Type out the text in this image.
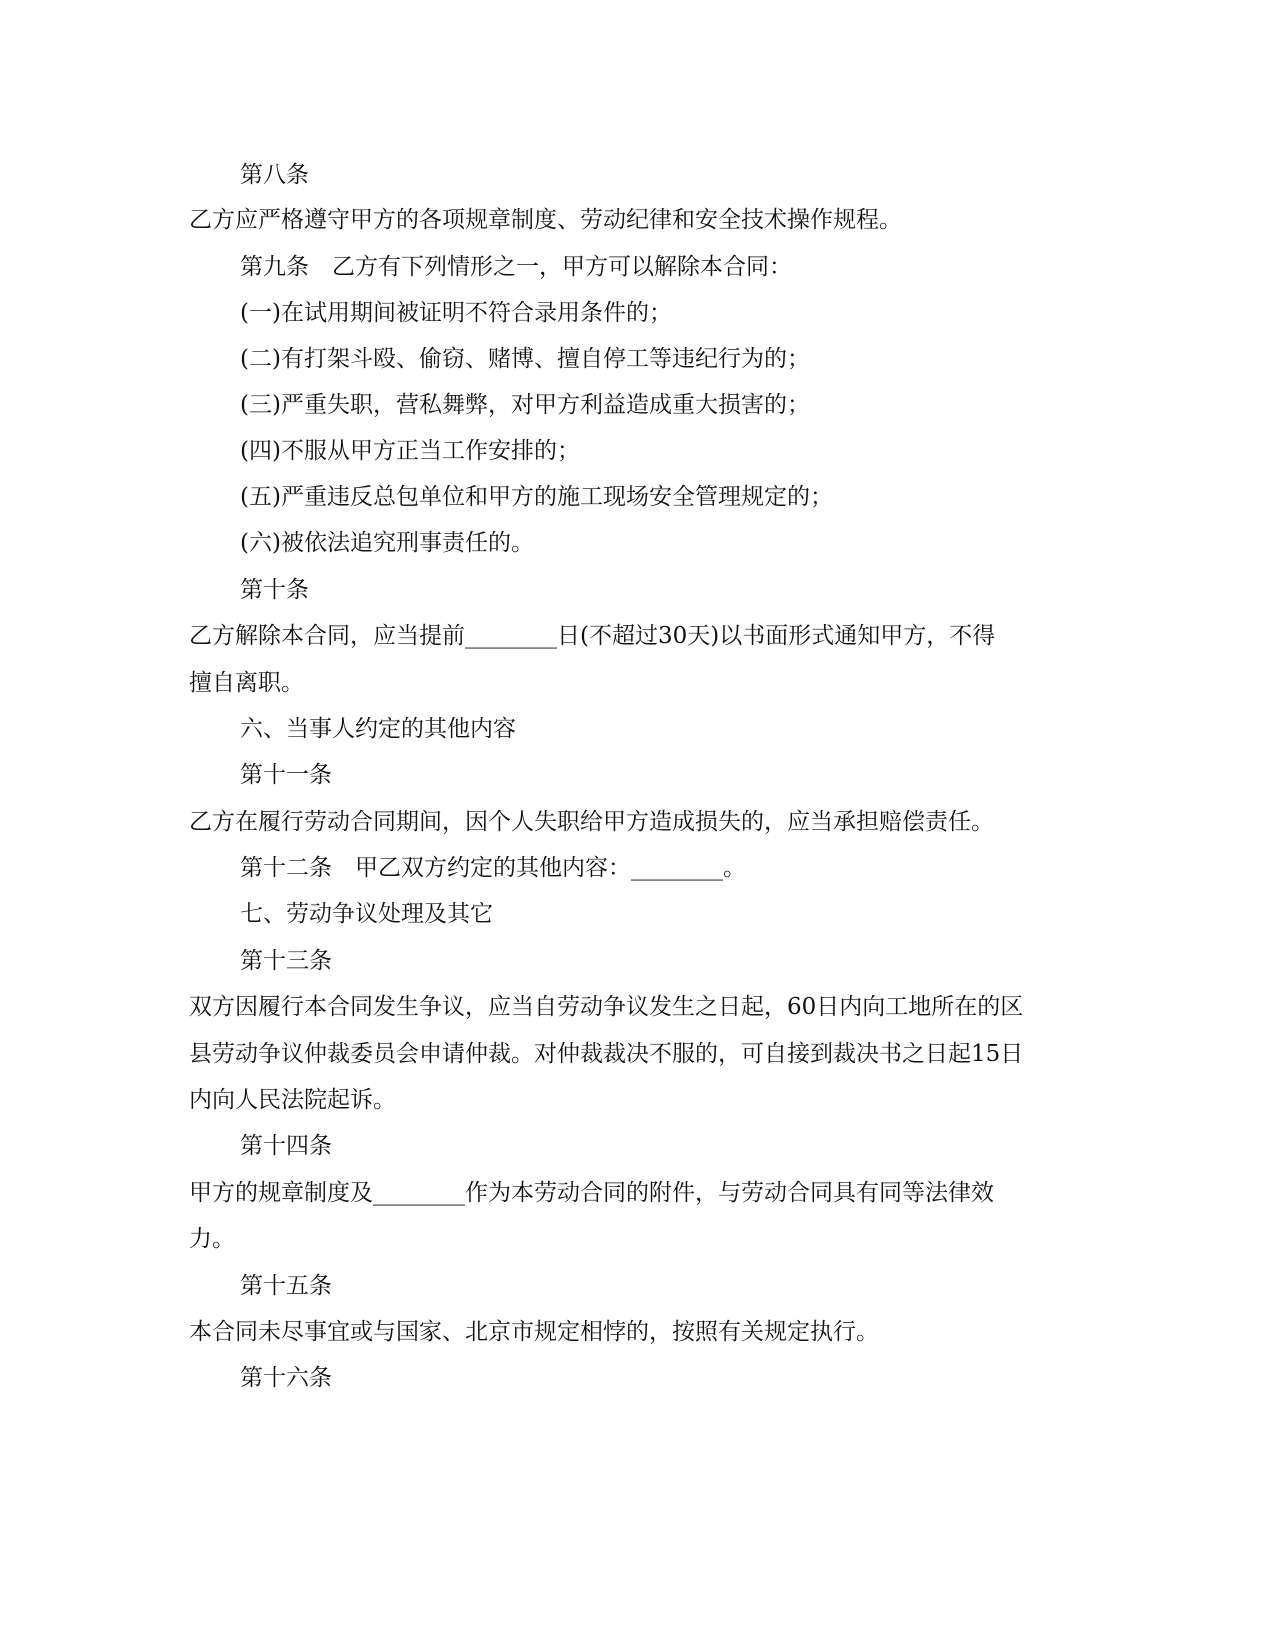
第八条
乙方应严格遵守甲方的各项规章制度、劳动纪律和安全技术操作规程。
第九条　乙方有下列情形之一，甲方可以解除本合同：
(一)在试用期间被证明不符合录用条件的；
(二)有打架斗殴、偷窃、赌博、擅自停工等违纪行为的；
(三)严重失职，营私舞弊，对甲方利益造成重大损害的；
(四)不服从甲方正当工作安排的；
(五)严重违反总包单位和甲方的施工现场安全管理规定的；
(六)被依法追究刑事责任的。
第十条
乙方解除本合同，应当提前________日(不超过30天)以书面形式通知甲方，不得
擅自离职。
六、当事人约定的其他内容
第十一条
乙方在履行劳动合同期间，因个人失职给甲方造成损失的，应当承担赔偿责任。
第十二条　甲乙双方约定的其他内容：________。
七、劳动争议处理及其它
第十三条
双方因履行本合同发生争议，应当自劳动争议发生之日起，60日内向工地所在的区
县劳动争议仲裁委员会申请仲裁。对仲裁裁决不服的，可自接到裁决书之日起15日
内向人民法院起诉。
第十四条
甲方的规章制度及________作为本劳动合同的附件，与劳动合同具有同等法律效
力。
第十五条
本合同未尽事宜或与国家、北京市规定相悖的，按照有关规定执行。
第十六条
